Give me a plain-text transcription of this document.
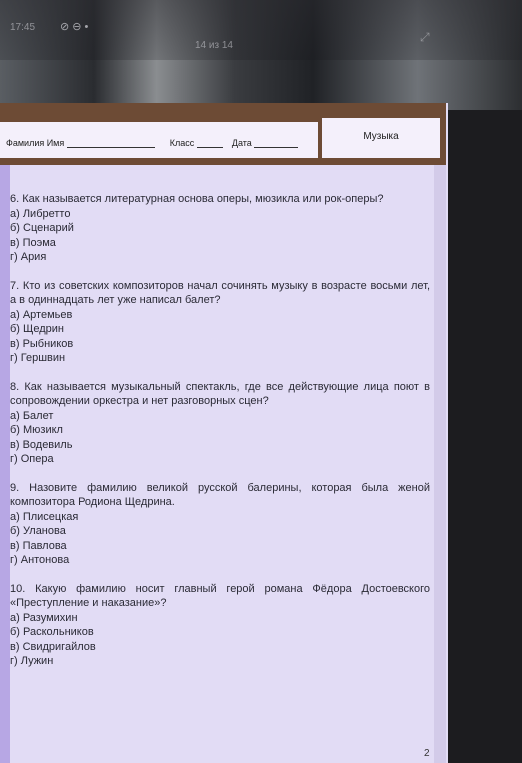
17:45 ⊘ ⊖ •
14 из 14
⤢
Фамилия Имя	Класс	Дата
Музыка

6. Как называется литературная основа оперы, мюзикла или рок-оперы?

а) Либретто

б) Сценарий

в) Поэма

г) Ария

7. Кто из советских композиторов начал сочинять музыку в возрасте восьми лет, а в одиннадцать лет уже написал балет?

а) Артемьев

б) Щедрин

в) Рыбников

г) Гершвин

8. Как называется музыкальный спектакль, где все действующие лица поют в сопровождении оркестра и нет разговорных сцен?

а) Балет

б) Мюзикл

в) Водевиль

г) Опера

9. Назовите фамилию великой русской балерины, которая была женой композитора Родиона Щедрина.

а) Плисецкая

б) Уланова

в) Павлова

г) Антонова

10. Какую фамилию носит главный герой романа Фёдора Достоевского «Преступление и наказание»?

а) Разумихин

б) Раскольников

в) Свидригайлов

г) Лужин

2
